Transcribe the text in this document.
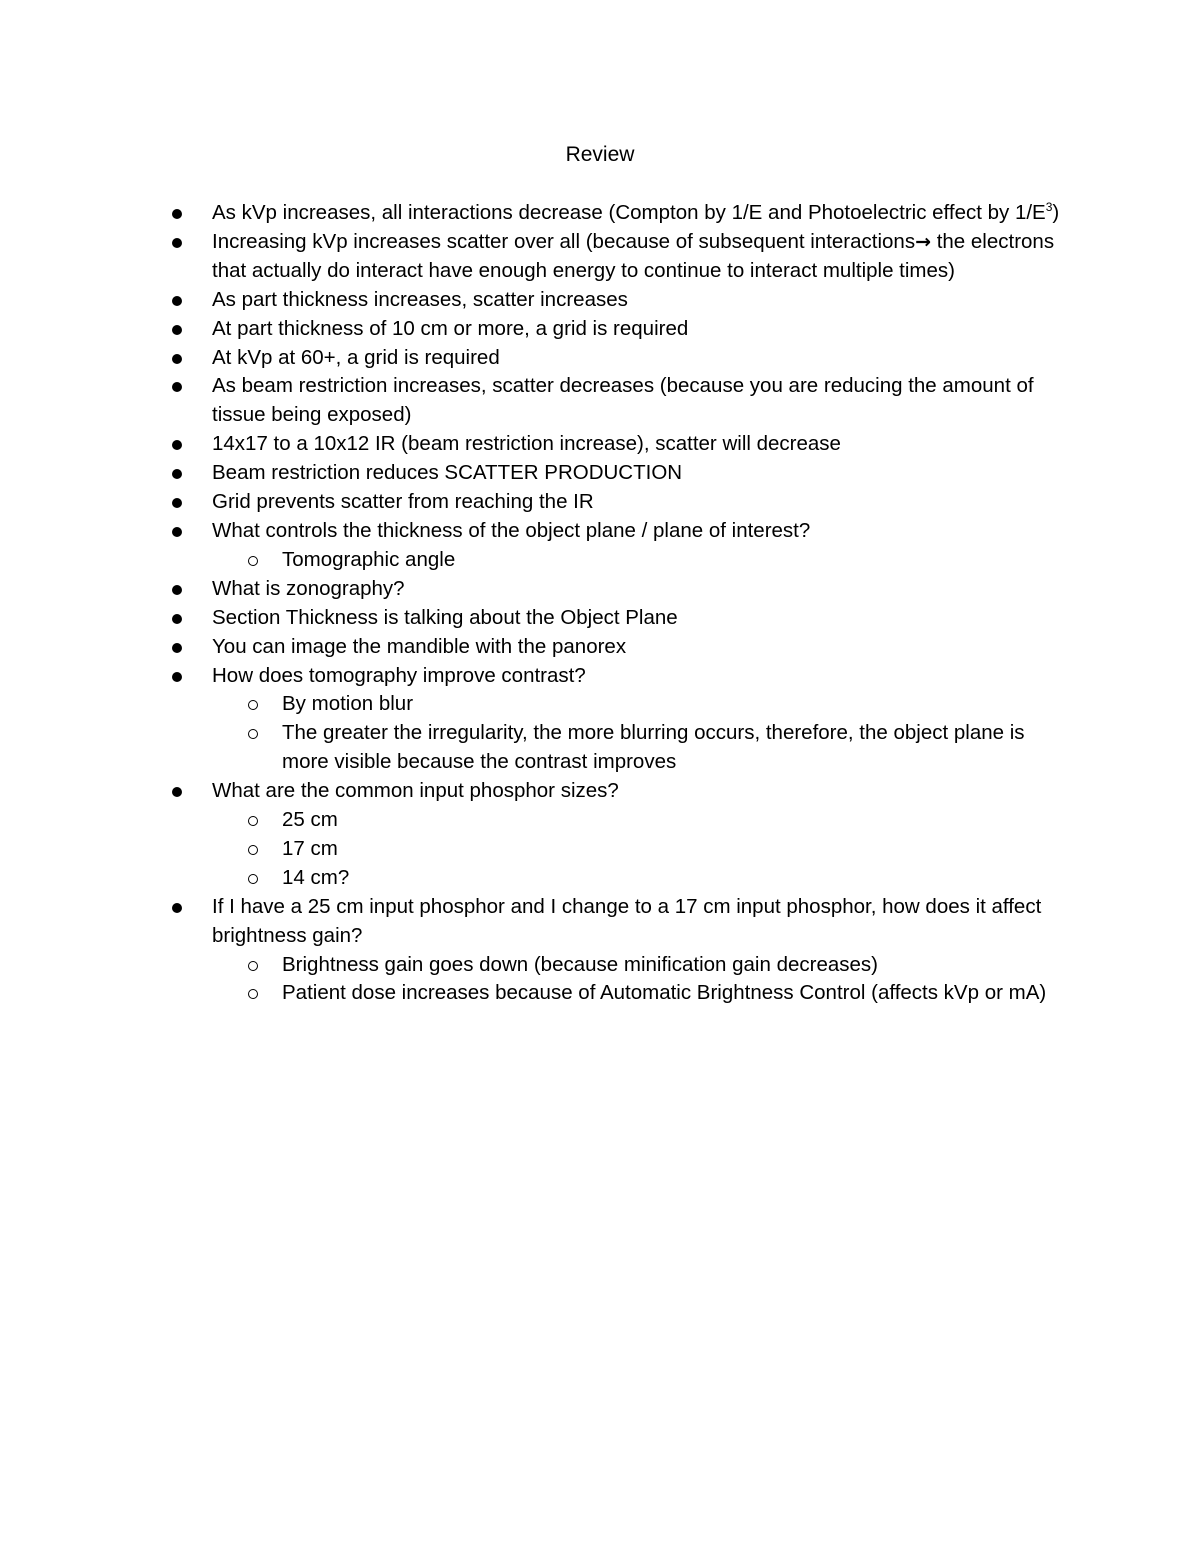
Review
As kVp increases, all interactions decrease (Compton by 1/E and Photoelectric effect by $1/E^3$)
Increasing kVp increases scatter over all (because of subsequent interactions→ the electrons that actually do interact have enough energy to continue to interact multiple times)
As part thickness increases, scatter increases
At part thickness of 10 cm or more, a grid is required
At kVp at 60+, a grid is required
As beam restriction increases, scatter decreases (because you are reducing the amount of tissue being exposed)
14x17 to a 10x12 IR (beam restriction increase), scatter will decrease
Beam restriction reduces SCATTER PRODUCTION
Grid prevents scatter from reaching the IR
What controls the thickness of the object plane / plane of interest?
Tomographic angle
What is zonography?
Section Thickness is talking about the Object Plane
You can image the mandible with the panorex
How does tomography improve contrast?
By motion blur
The greater the irregularity, the more blurring occurs, therefore, the object plane is more visible because the contrast improves
What are the common input phosphor sizes?
25 cm
17 cm
14 cm?
If I have a 25 cm input phosphor and I change to a 17 cm input phosphor, how does it affect brightness gain?
Brightness gain goes down (because minification gain decreases)
Patient dose increases because of Automatic Brightness Control (affects kVp or mA)
